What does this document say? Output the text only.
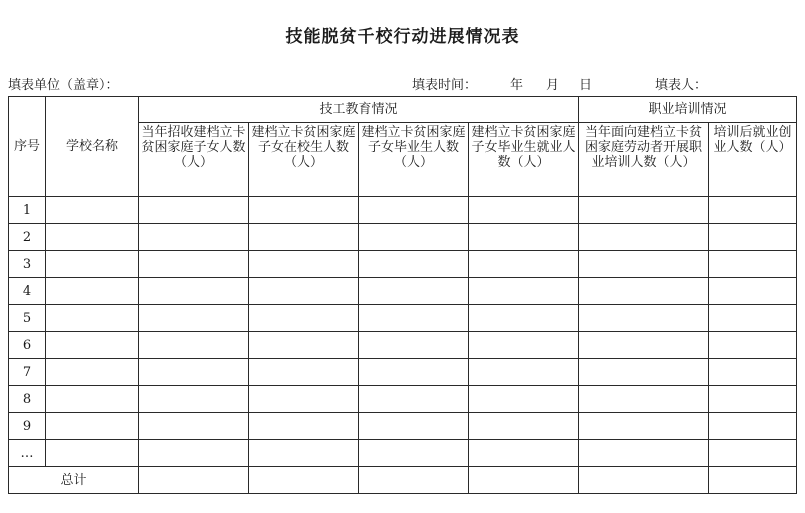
技能脱贫千校行动进展情况表
填表单位（盖章）：	填表时间：	年 月 日	填表人：
序号	学校名称	技工教育情况				职业培训情况	

		当年招收建档立卡贫困家庭子女人数（人）	建档立卡贫困家庭子女在校生人数（人）	建档立卡贫困家庭子女毕业生人数（人）	建档立卡贫困家庭子女毕业生就业人数（人）	当年面向建档立卡贫困家庭劳动者开展职业培训人数（人）	培训后就业创业人数（人）

1							
2							
3							
4							
5							
6							
7							
8							
9							
…							
总计							
